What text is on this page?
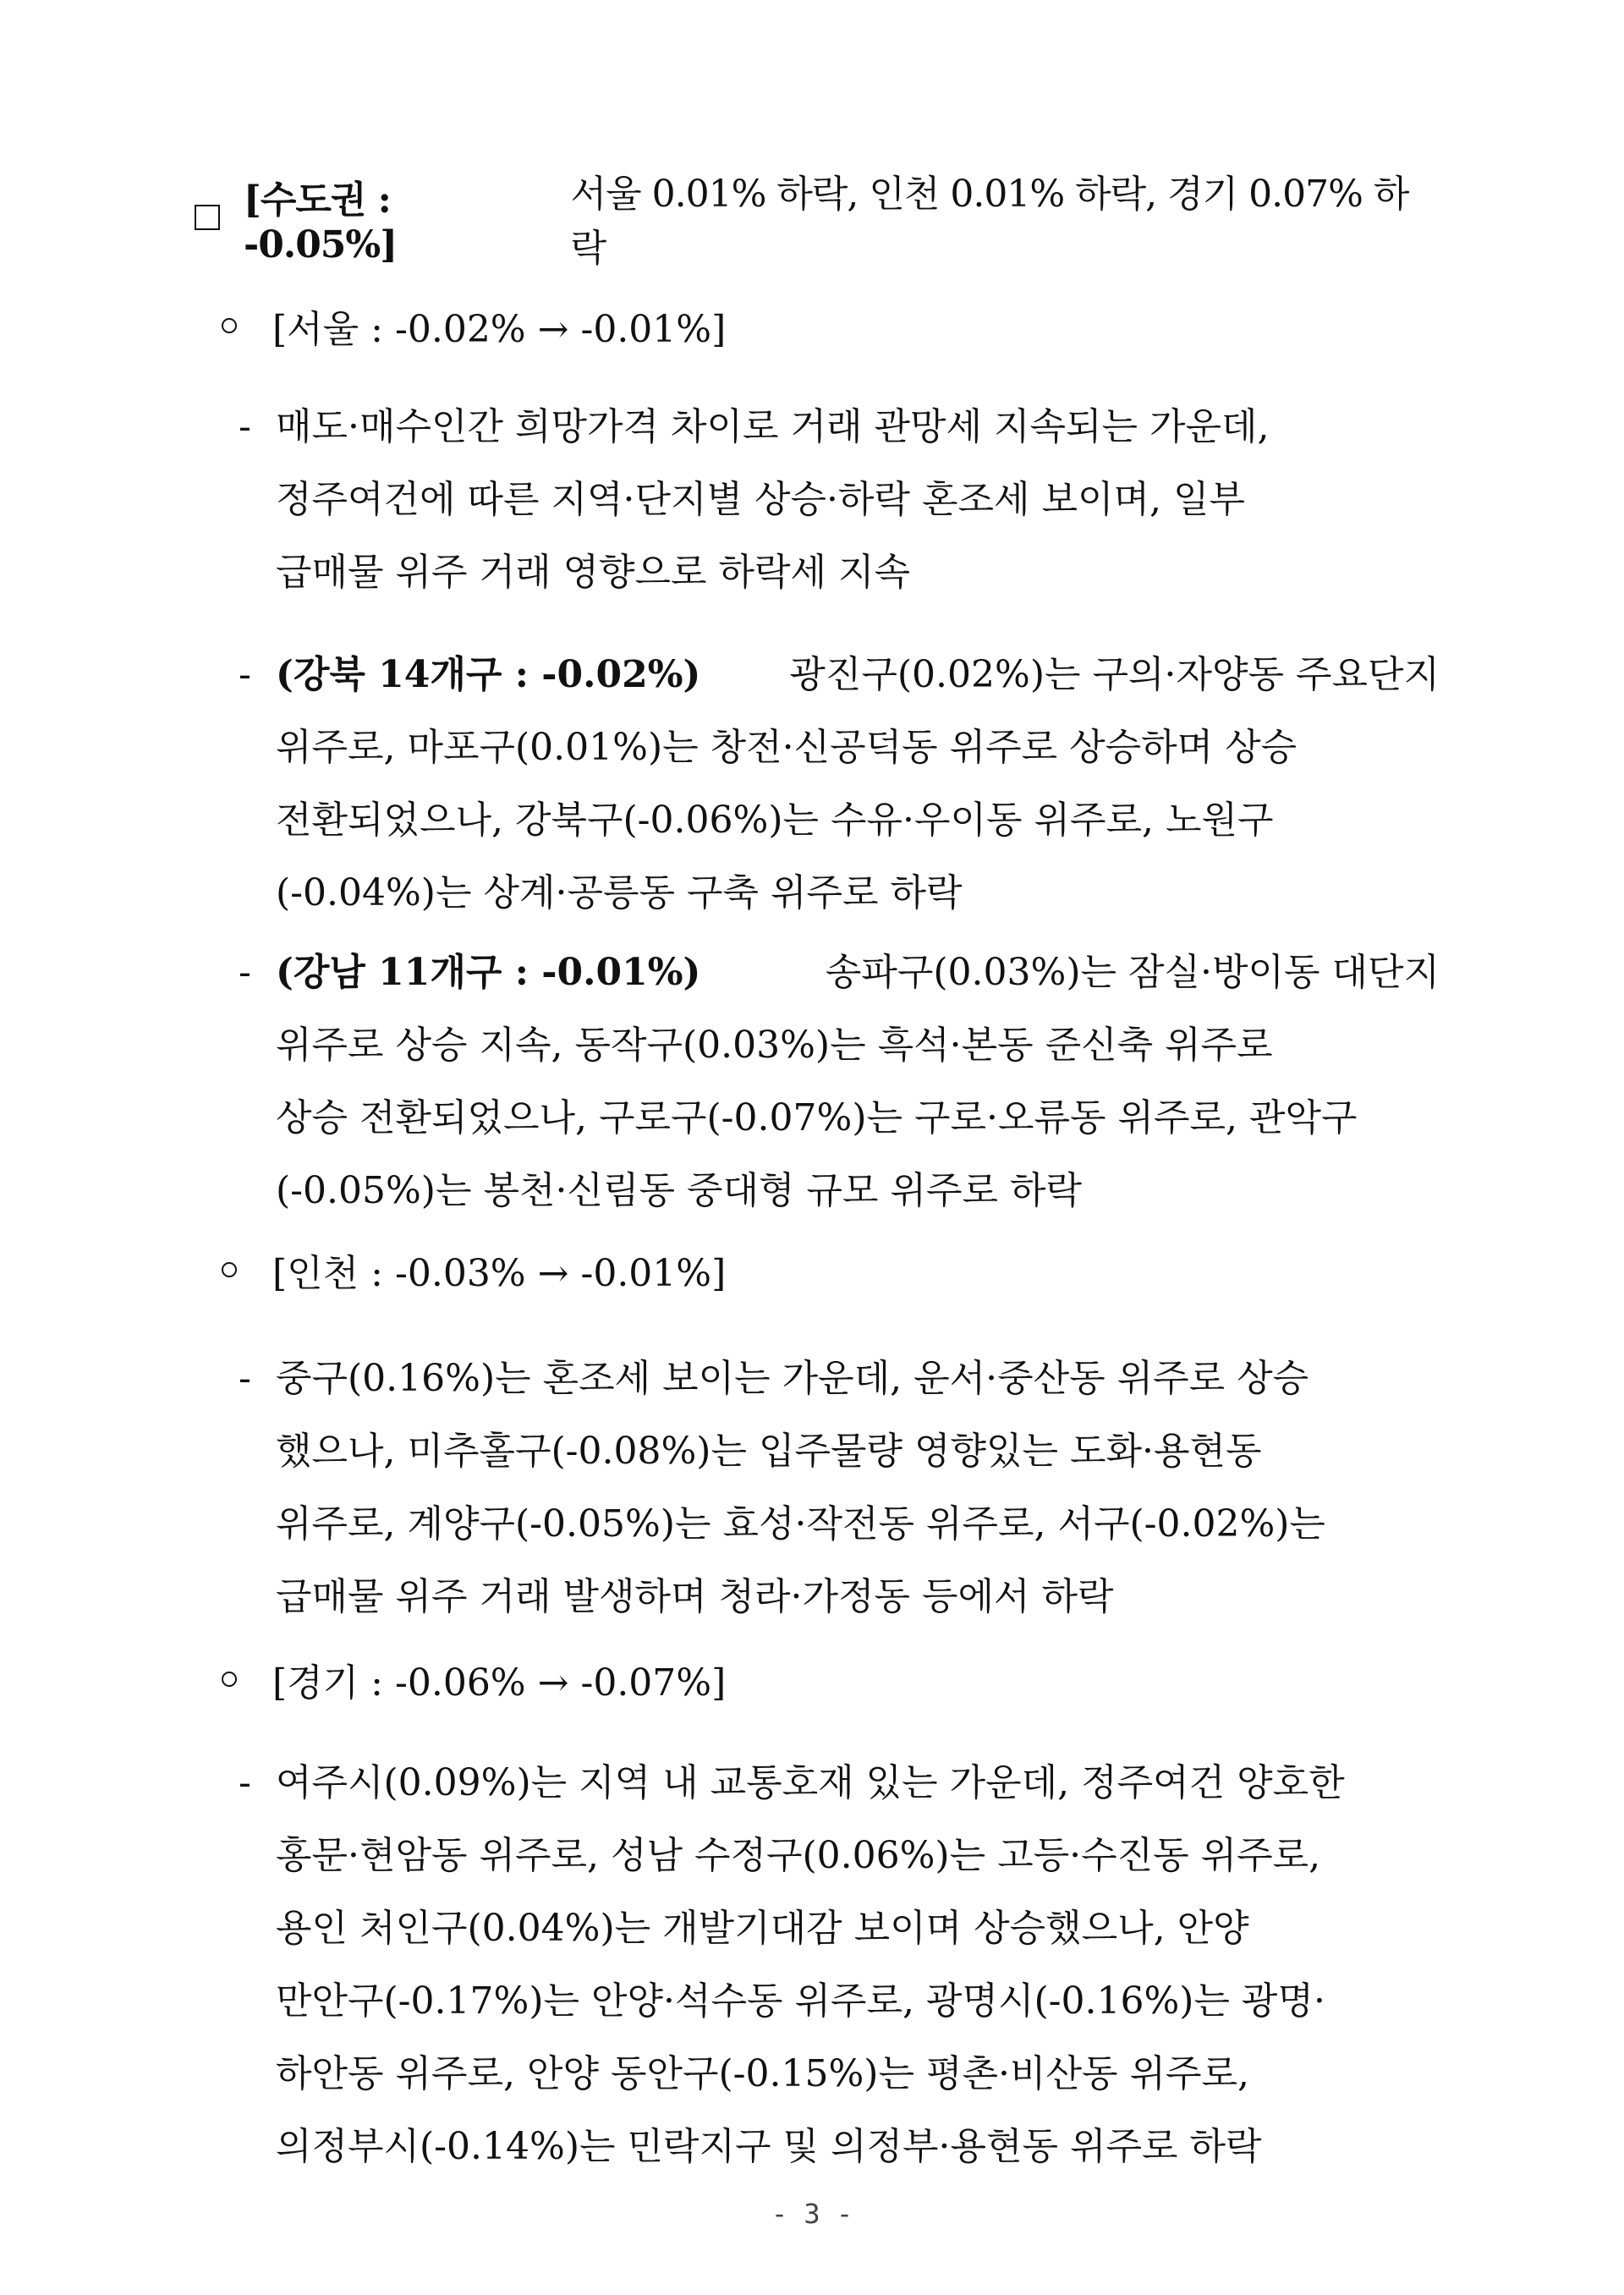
[수도권 : -0.05%]
서울 0.01% 하락, 인천 0.01% 하락, 경기 0.07% 하락
[서울 : -0.02% → -0.01%]
- 매도·매수인간 희망가격 차이로 거래 관망세 지속되는 가운데,
정주여건에 따른 지역·단지별 상승·하락 혼조세 보이며, 일부
급매물 위주 거래 영향으로 하락세 지속
- (강북 14개구 : -0.02%) 광진구(0.02%)는 구의·자양동 주요단지
위주로, 마포구(0.01%)는 창전·신공덕동 위주로 상승하며 상승
전환되었으나, 강북구(-0.06%)는 수유·우이동 위주로, 노원구
(-0.04%)는 상계·공릉동 구축 위주로 하락
- (강남 11개구 : -0.01%)	송파구(0.03%)는 잠실·방이동 대단지
위주로 상승 지속, 동작구(0.03%)는 흑석·본동 준신축 위주로
상승 전환되었으나, 구로구(-0.07%)는 구로·오류동 위주로, 관악구
(-0.05%)는 봉천·신림동 중대형 규모 위주로 하락
[인천 : -0.03% → -0.01%]
- 중구(0.16%)는 혼조세 보이는 가운데, 운서·중산동 위주로 상승
했으나, 미추홀구(-0.08%)는 입주물량 영향있는 도화·용현동
위주로, 계양구(-0.05%)는 효성·작전동 위주로, 서구(-0.02%)는
급매물 위주 거래 발생하며 청라·가정동 등에서 하락
[경기 : -0.06% → -0.07%]
- 여주시(0.09%)는 지역 내 교통호재 있는 가운데, 정주여건 양호한
홍문·현암동 위주로, 성남 수정구(0.06%)는 고등·수진동 위주로,
용인 처인구(0.04%)는 개발기대감 보이며 상승했으나, 안양
만안구(-0.17%)는 안양·석수동 위주로, 광명시(-0.16%)는 광명·
하안동 위주로, 안양 동안구(-0.15%)는 평촌·비산동 위주로,
의정부시(-0.14%)는 민락지구 및 의정부·용현동 위주로 하락
- 3 -
